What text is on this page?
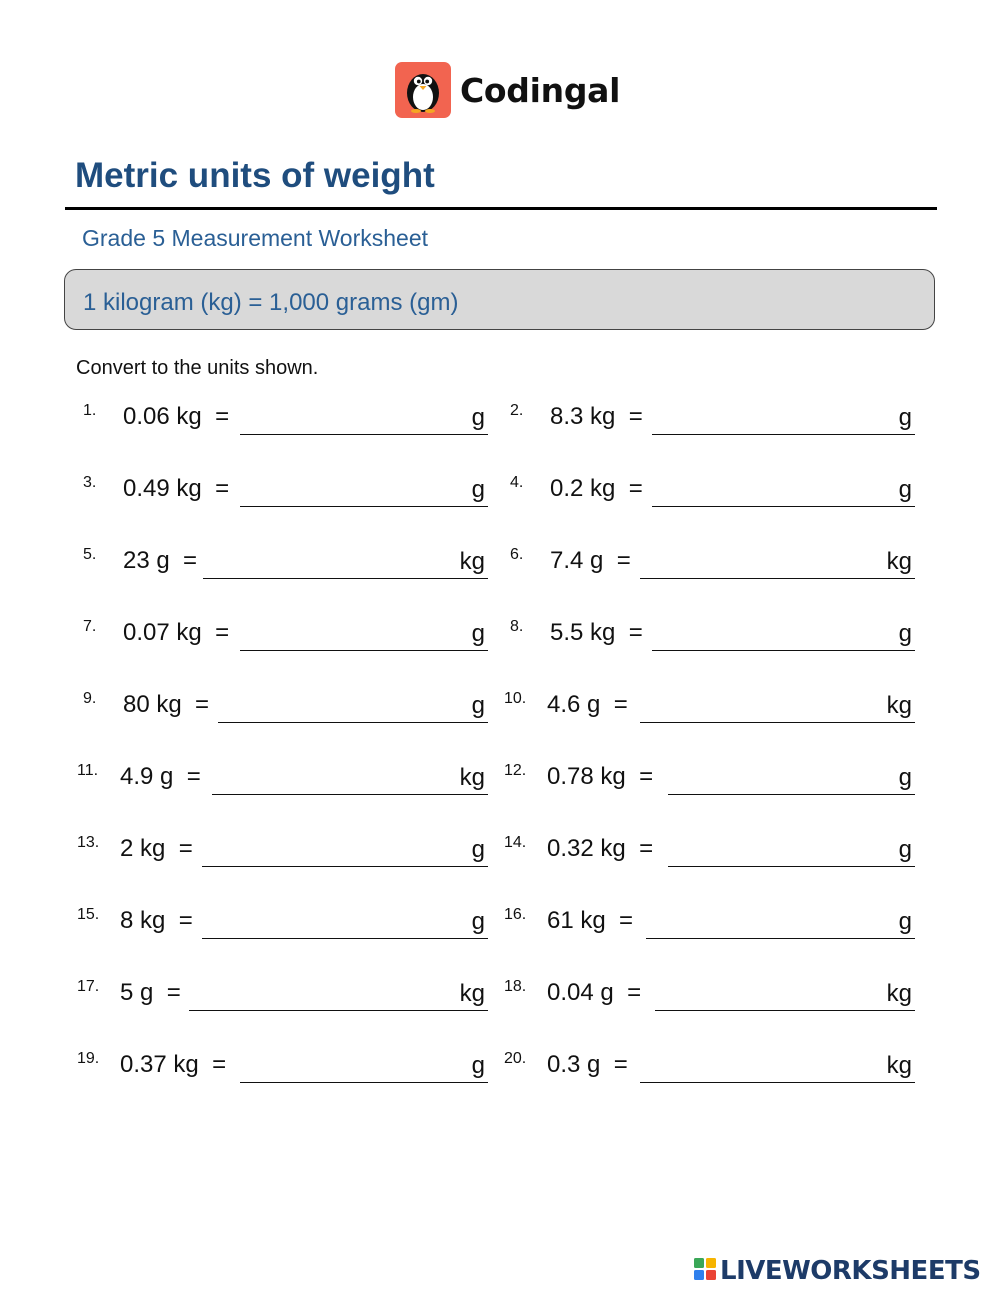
Codingal
Metric units of weight
Grade 5 Measurement Worksheet
1 kilogram (kg) = 1,000 grams (gm)
Convert to the units shown.
1. 0.06 kg  =	g 2. 8.3 kg  =	g
3. 0.49 kg  =	g 4. 0.2 kg  =	g
5. 23 g  =	kg 6. 7.4 g  =	kg
7. 0.07 kg  =	g 8. 5.5 kg  =	g
9. 80 kg  =	g 10. 4.6 g  =	kg
11. 4.9 g  =	kg 12. 0.78 kg  =	g
13. 2 kg  =	g 14. 0.32 kg  =	g
15. 8 kg  =	g 16. 61 kg  =	g
17. 5 g  =	kg 18. 0.04 g  =	kg
19. 0.37 kg  =	g 20. 0.3 g  =	kg
LIVEWORKSHEETS
